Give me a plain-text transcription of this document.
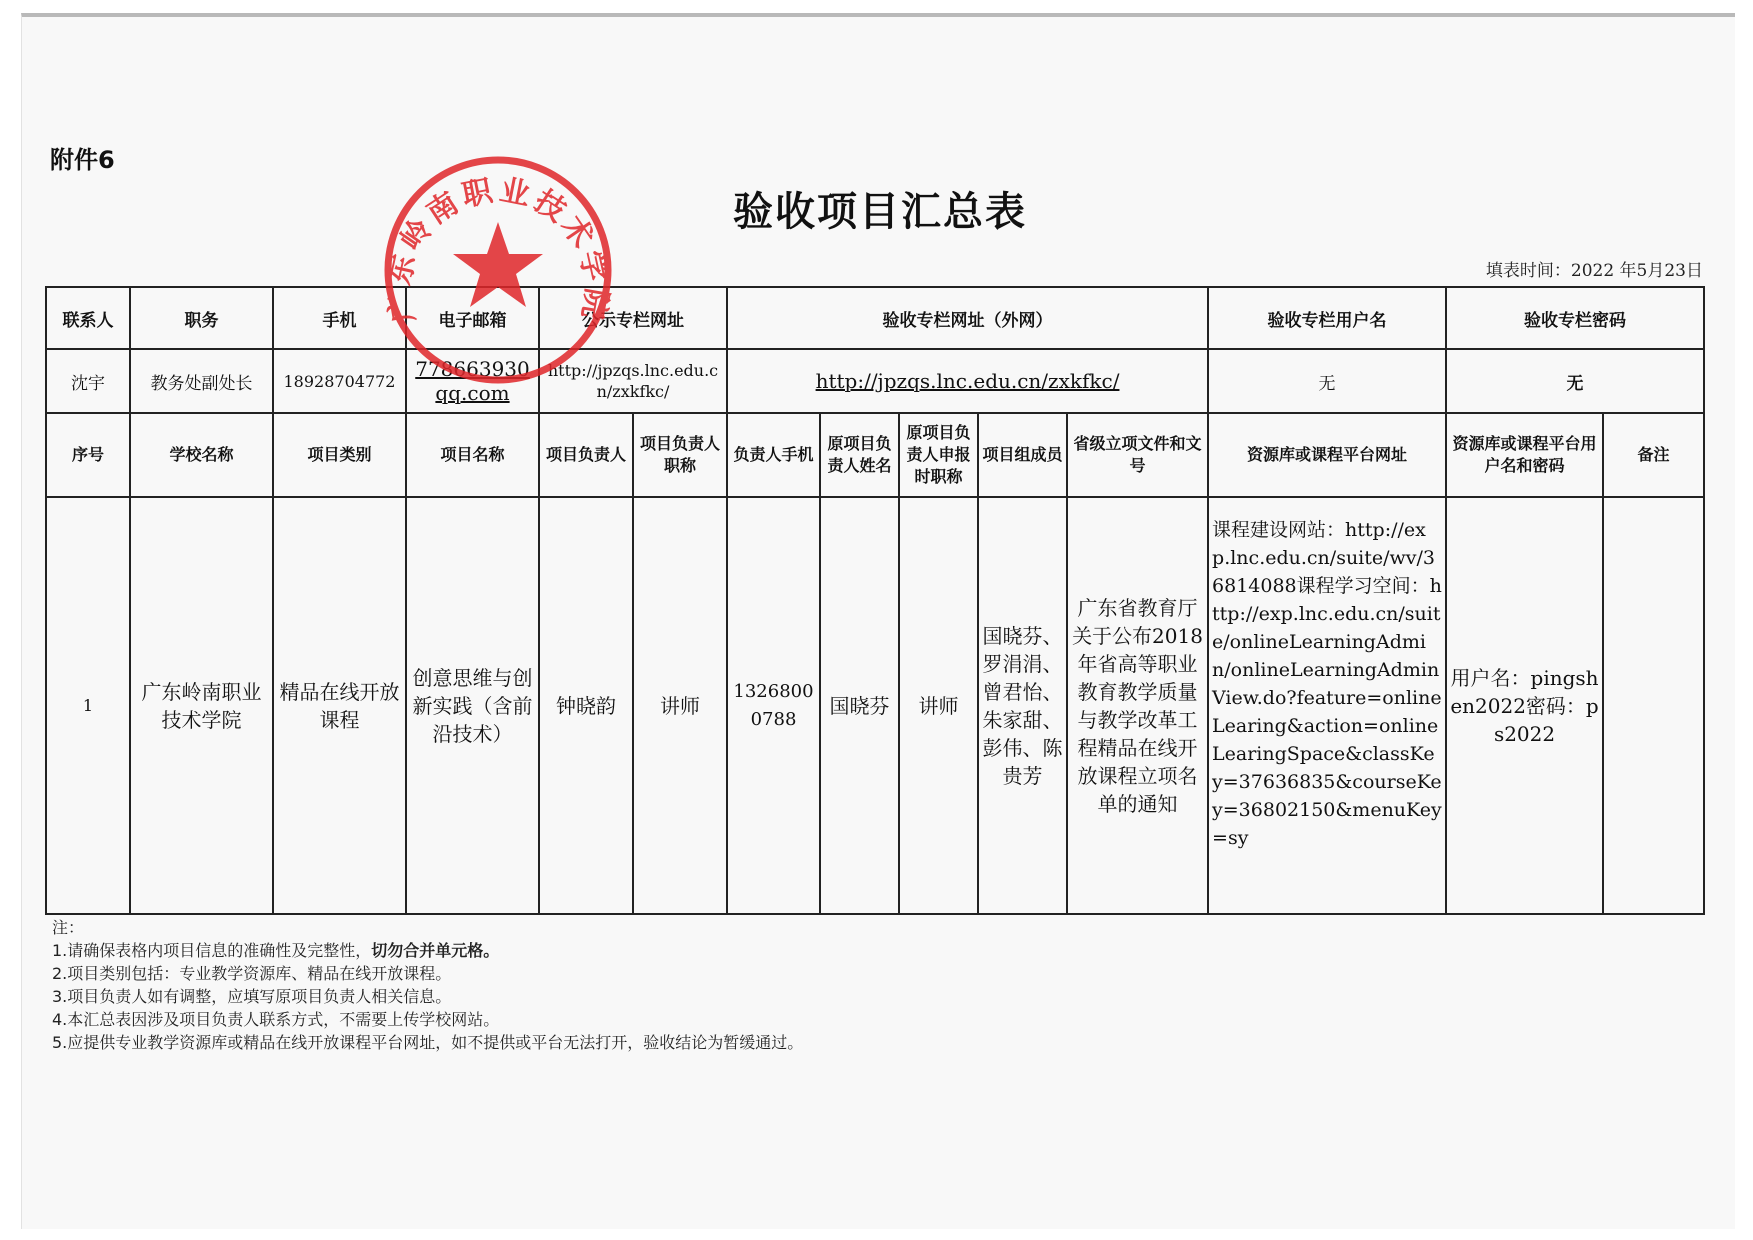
附件6
验收项目汇总表
填表时间：2022 年5月23日
联系人	职务	手机	电子邮箱	公示专栏网址		验收专栏网址（外网）					验收专栏用户名	验收专栏密码	
沈宇	教务处副处长	18928704772	778663930qq.com	http://jpzqs.lnc.edu.cn/zxkfkc/		http://jpzqs.lnc.edu.cn/zxkfkc/					无	无	
序号	学校名称	项目类别	项目名称	项目负责人	项目负责人职称	负责人手机	原项目负责人姓名	原项目负责人申报时职称	项目组成员	省级立项文件和文号	资源库或课程平台网址	资源库或课程平台用户名和密码	备注
1	广东岭南职业技术学院	精品在线开放课程	创意思维与创新实践（含前沿技术）	钟晓韵	讲师	13268000788	国晓芬	讲师	国晓芬、罗涓涓、曾君怡、朱家甜、彭伟、陈贵芳	广东省教育厅关于公布2018年省高等职业教育教学质量与教学改革工程精品在线开放课程立项名单的通知	课程建设网站：http://exp.lnc.edu.cn/suite/wv/36814088课程学习空间：http://exp.lnc.edu.cn/suite/onlineLearningAdmin/onlineLearningAdminView.do?feature=onlineLearing&action=onlineLearingSpace&classKey=37636835&courseKey=36802150&menuKey=sy	用户名：pingshen2022密码：ps2022	
注：
1.请确保表格内项目信息的准确性及完整性，切勿合并单元格。
2.项目类别包括：专业教学资源库、精品在线开放课程。
3.项目负责人如有调整，应填写原项目负责人相关信息。
4.本汇总表因涉及项目负责人联系方式，不需要上传学校网站。
5.应提供专业教学资源库或精品在线开放课程平台网址，如不提供或平台无法打开，验收结论为暂缓通过。
广东岭南职业技术学院
